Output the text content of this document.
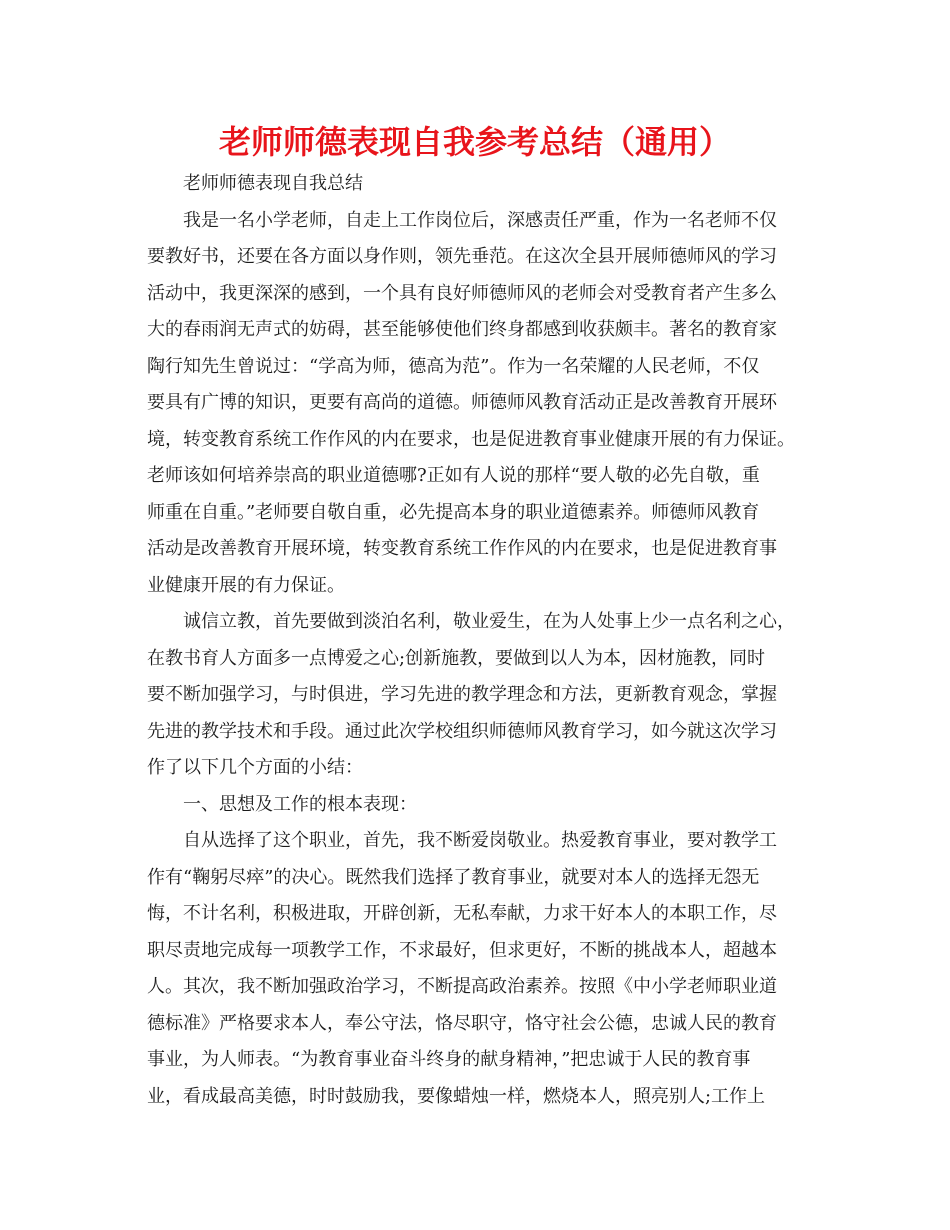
老师师德表现自我参考总结（通用）
老师师德表现自我总结
我是一名小学老师，自走上工作岗位后，深感责任严重，作为一名老师不仅
要教好书，还要在各方面以身作则，领先垂范。在这次全县开展师德师风的学习
活动中，我更深深的感到，一个具有良好师德师风的老师会对受教育者产生多么
大的春雨润无声式的妨碍，甚至能够使他们终身都感到收获颇丰。著名的教育家
陶行知先生曾说过：“学高为师，德高为范”。作为一名荣耀的人民老师，不仅
要具有广博的知识，更要有高尚的道德。师德师风教育活动正是改善教育开展环
境，转变教育系统工作作风的内在要求，也是促进教育事业健康开展的有力保证。
老师该如何培养崇高的职业道德哪?正如有人说的那样“要人敬的必先自敬，重
师重在自重。”老师要自敬自重，必先提高本身的职业道德素养。师德师风教育
活动是改善教育开展环境，转变教育系统工作作风的内在要求，也是促进教育事
业健康开展的有力保证。
诚信立教，首先要做到淡泊名利，敬业爱生，在为人处事上少一点名利之心，
在教书育人方面多一点博爱之心;创新施教，要做到以人为本，因材施教，同时
要不断加强学习，与时俱进，学习先进的教学理念和方法，更新教育观念，掌握
先进的教学技术和手段。通过此次学校组织师德师风教育学习，如今就这次学习
作了以下几个方面的小结：
一、思想及工作的根本表现：
自从选择了这个职业，首先，我不断爱岗敬业。热爱教育事业，要对教学工
作有“鞠躬尽瘁”的决心。既然我们选择了教育事业，就要对本人的选择无怨无
悔，不计名利，积极进取，开辟创新，无私奉献，力求干好本人的本职工作，尽
职尽责地完成每一项教学工作，不求最好，但求更好，不断的挑战本人，超越本
人。其次，我不断加强政治学习，不断提高政治素养。按照《中小学老师职业道
德标准》严格要求本人，奉公守法，恪尽职守，恪守社会公德，忠诚人民的教育
事业，为人师表。“为教育事业奋斗终身的献身精神，”把忠诚于人民的教育事
业，看成最高美德，时时鼓励我，要像蜡烛一样，燃烧本人，照亮别人;工作上
